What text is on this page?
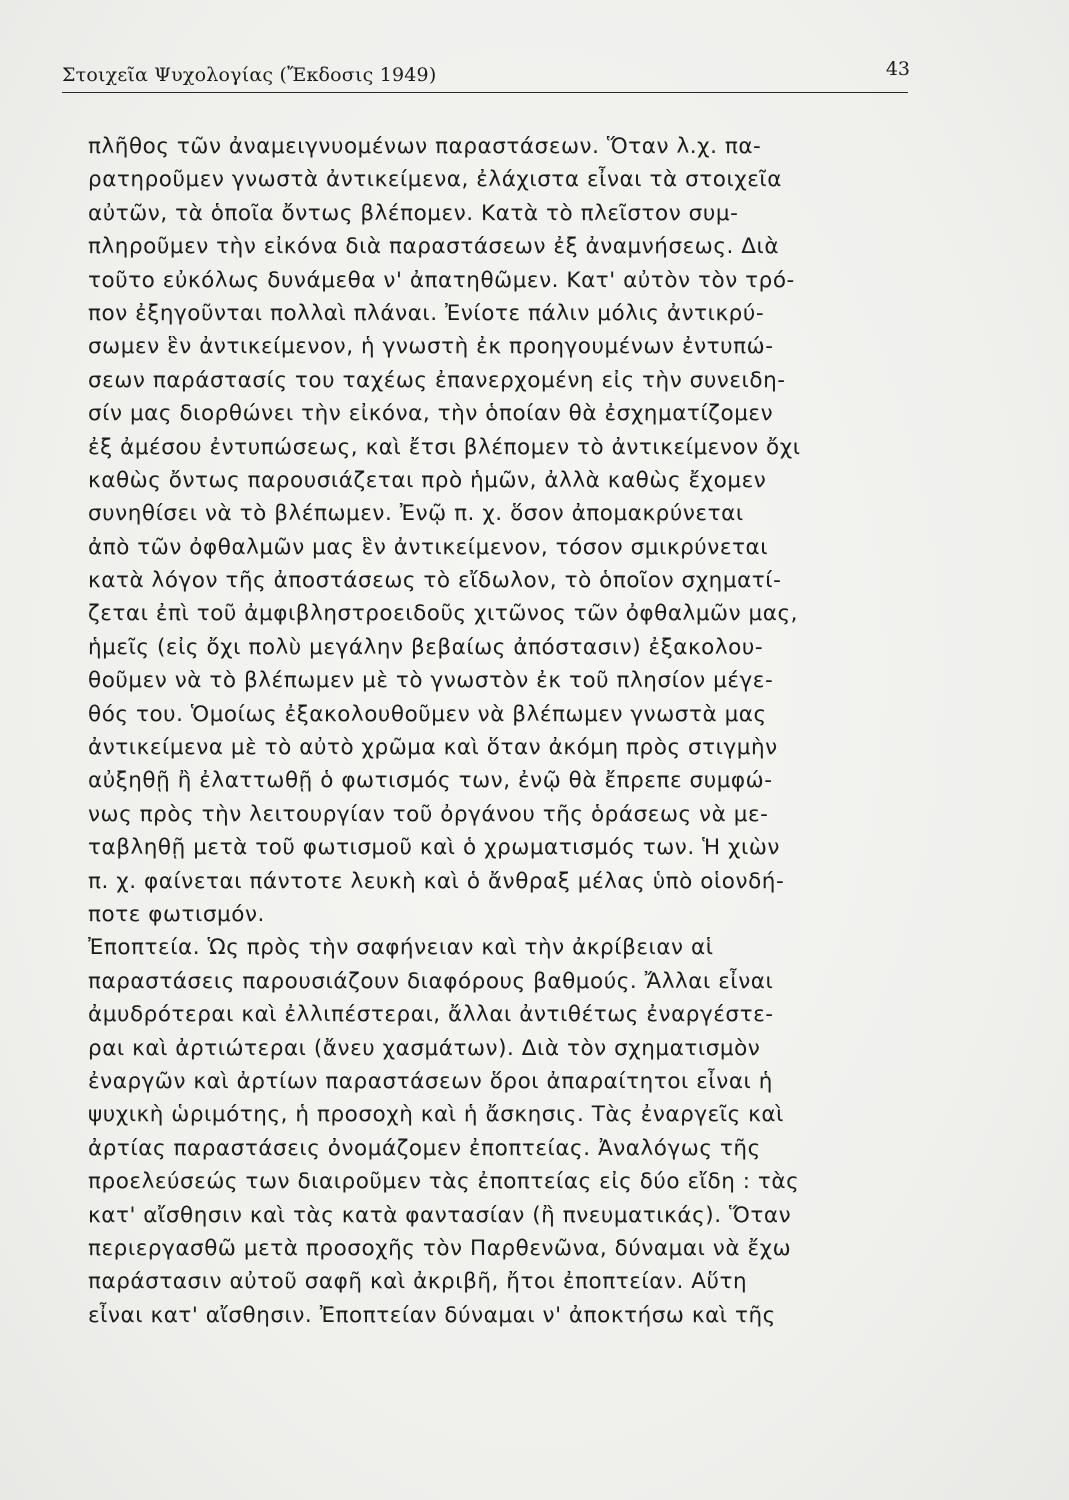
Στοιχεῖα Ψυχολογίας (Ἔκδοσις 1949)	43
πλῆθος τῶν ἀναμειγνυομένων παραστάσεων. Ὅταν λ.χ. πα-
ρατηροῦμεν γνωστὰ ἀντικείμενα, ἐλάχιστα εἶναι τὰ στοιχεῖα
αὐτῶν, τὰ ὁποῖα ὄντως βλέπομεν. Κατὰ τὸ πλεῖστον συμ-
πληροῦμεν τὴν εἰκόνα διὰ παραστάσεων ἐξ ἀναμνήσεως. Διὰ
τοῦτο εὐκόλως δυνάμεθα ν' ἀπατηθῶμεν. Κατ' αὐτὸν τὸν τρό-
πον ἐξηγοῦνται πολλαὶ πλάναι. Ἐνίοτε πάλιν μόλις ἀντικρύ-
σωμεν ἓν ἀντικείμενον, ἡ γνωστὴ ἐκ προηγουμένων ἐντυπώ-
σεων παράστασίς του ταχέως ἐπανερχομένη εἰς τὴν συνειδη-
σίν μας διορθώνει τὴν εἰκόνα, τὴν ὁποίαν θὰ ἐσχηματίζομεν
ἐξ ἀμέσου ἐντυπώσεως, καὶ ἔτσι βλέπομεν τὸ ἀντικείμενον ὄχι
καθὼς ὄντως παρουσιάζεται πρὸ ἡμῶν, ἀλλὰ καθὼς ἔχομεν
συνηθίσει νὰ τὸ βλέπωμεν. Ἐνῷ π. χ. ὅσον ἀπομακρύνεται
ἀπὸ τῶν ὀφθαλμῶν μας ἓν ἀντικείμενον, τόσον σμικρύνεται
κατὰ λόγον τῆς ἀποστάσεως τὸ εἴδωλον, τὸ ὁποῖον σχηματί-
ζεται ἐπὶ τοῦ ἀμφιβληστροειδοῦς χιτῶνος τῶν ὀφθαλμῶν μας,
ἡμεῖς (εἰς ὄχι πολὺ μεγάλην βεβαίως ἀπόστασιν) ἐξακολου-
θοῦμεν νὰ τὸ βλέπωμεν μὲ τὸ γνωστὸν ἐκ τοῦ πλησίον μέγε-
θός του. Ὁμοίως ἐξακολουθοῦμεν νὰ βλέπωμεν γνωστὰ μας
ἀντικείμενα μὲ τὸ αὐτὸ χρῶμα καὶ ὅταν ἀκόμη πρὸς στιγμὴν
αὐξηθῇ ἢ ἐλαττωθῇ ὁ φωτισμός των, ἐνῷ θὰ ἔπρεπε συμφώ-
νως πρὸς τὴν λειτουργίαν τοῦ ὀργάνου τῆς ὁράσεως νὰ με-
ταβληθῇ μετὰ τοῦ φωτισμοῦ καὶ ὁ χρωματισμός των. Ἡ χιὼν
π. χ. φαίνεται πάντοτε λευκὴ καὶ ὁ ἄνθραξ μέλας ὑπὸ οἱονδή-
ποτε φωτισμόν.
Ἐποπτεία. Ὡς πρὸς τὴν σαφήνειαν καὶ τὴν ἀκρίβειαν αἱ
παραστάσεις παρουσιάζουν διαφόρους βαθμούς. Ἄλλαι εἶναι
ἀμυδρότεραι καὶ ἐλλιπέστεραι, ἄλλαι ἀντιθέτως ἐναργέστε-
ραι καὶ ἀρτιώτεραι (ἄνευ χασμάτων). Διὰ τὸν σχηματισμὸν
ἐναργῶν καὶ ἀρτίων παραστάσεων ὅροι ἀπαραίτητοι εἶναι ἡ
ψυχικὴ ὡριμότης, ἡ προσοχὴ καὶ ἡ ἄσκησις. Τὰς ἐναργεῖς καὶ
ἀρτίας παραστάσεις ὀνομάζομεν ἐποπτείας. Ἀναλόγως τῆς
προελεύσεώς των διαιροῦμεν τὰς ἐποπτείας εἰς δύο εἴδη : τὰς
κατ' αἴσθησιν καὶ τὰς κατὰ φαντασίαν (ἢ πνευματικάς). Ὅταν
περιεργασθῶ μετὰ προσοχῆς τὸν Παρθενῶνα, δύναμαι νὰ ἔχω
παράστασιν αὐτοῦ σαφῆ καὶ ἀκριβῆ, ἤτοι ἐποπτείαν. Αὕτη
εἶναι κατ' αἴσθησιν. Ἐποπτείαν δύναμαι ν' ἀποκτήσω καὶ τῆς
